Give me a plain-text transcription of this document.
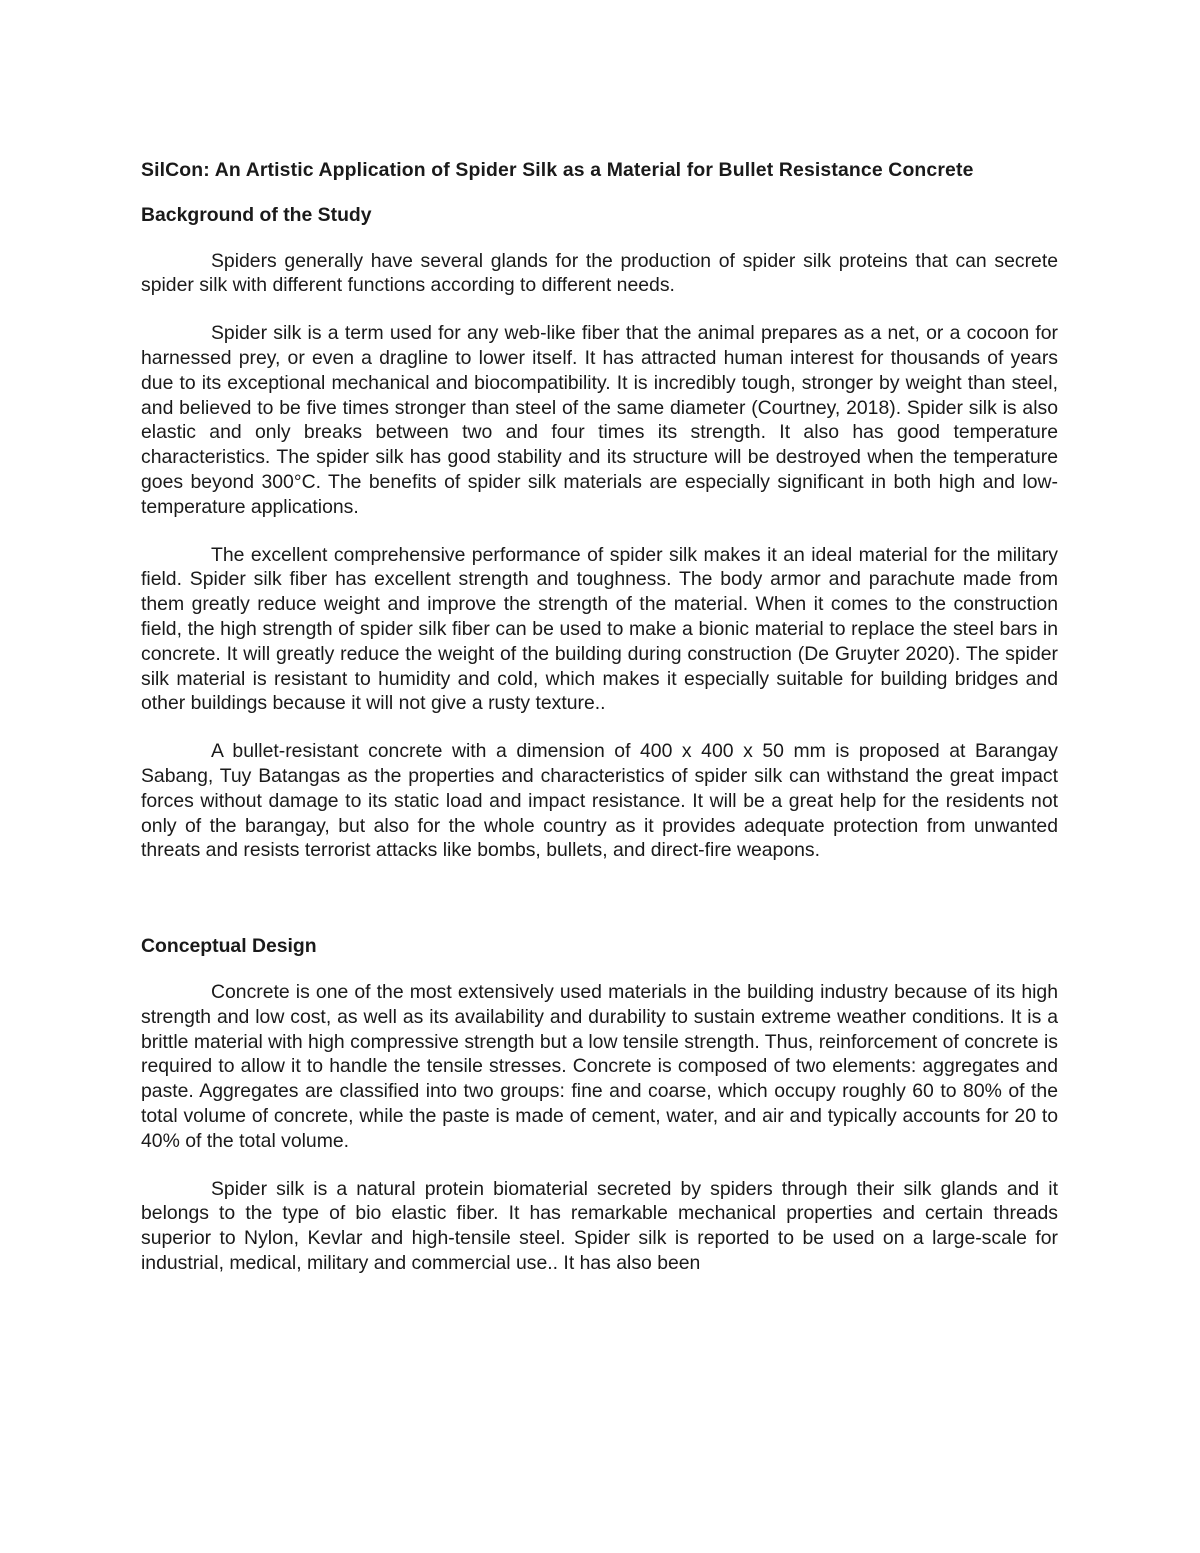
SilCon: An Artistic Application of Spider Silk as a Material for Bullet Resistance Concrete
Background of the Study

Spiders generally have several glands for the production of spider silk proteins that can secrete spider silk with different functions according to different needs.

Spider silk is a term used for any web-like fiber that the animal prepares as a net, or a cocoon for harnessed prey, or even a dragline to lower itself. It has attracted human interest for thousands of years due to its exceptional mechanical and biocompatibility. It is incredibly tough, stronger by weight than steel, and believed to be five times stronger than steel of the same diameter (Courtney, 2018). Spider silk is also elastic and only breaks between two and four times its strength. It also has good temperature characteristics. The spider silk has good stability and its structure will be destroyed when the temperature goes beyond 300°C. The benefits of spider silk materials are especially significant in both high and low-temperature applications.

The excellent comprehensive performance of spider silk makes it an ideal material for the military field. Spider silk fiber has excellent strength and toughness. The body armor and parachute made from them greatly reduce weight and improve the strength of the material. When it comes to the construction field, the high strength of spider silk fiber can be used to make a bionic material to replace the steel bars in concrete. It will greatly reduce the weight of the building during construction (De Gruyter 2020). The spider silk material is resistant to humidity and cold, which makes it especially suitable for building bridges and other buildings because it will not give a rusty texture..

A bullet-resistant concrete with a dimension of 400 x 400 x 50 mm is proposed at Barangay Sabang, Tuy Batangas as the properties and characteristics of spider silk can withstand the great impact forces without damage to its static load and impact resistance. It will be a great help for the residents not only of the barangay, but also for the whole country as it provides adequate protection from unwanted threats and resists terrorist attacks like bombs, bullets, and direct-fire weapons.

Conceptual Design

Concrete is one of the most extensively used materials in the building industry because of its high strength and low cost, as well as its availability and durability to sustain extreme weather conditions. It is a brittle material with high compressive strength but a low tensile strength. Thus, reinforcement of concrete is required to allow it to handle the tensile stresses. Concrete is composed of two elements: aggregates and paste. Aggregates are classified into two groups: fine and coarse, which occupy roughly 60 to 80% of the total volume of concrete, while the paste is made of cement, water, and air and typically accounts for 20 to 40% of the total volume.

Spider silk is a natural protein biomaterial secreted by spiders through their silk glands and it belongs to the type of bio elastic fiber. It has remarkable mechanical properties and certain threads superior to Nylon, Kevlar and high-tensile steel. Spider silk is reported to be used on a large-scale for industrial, medical, military and commercial use.. It has also been
